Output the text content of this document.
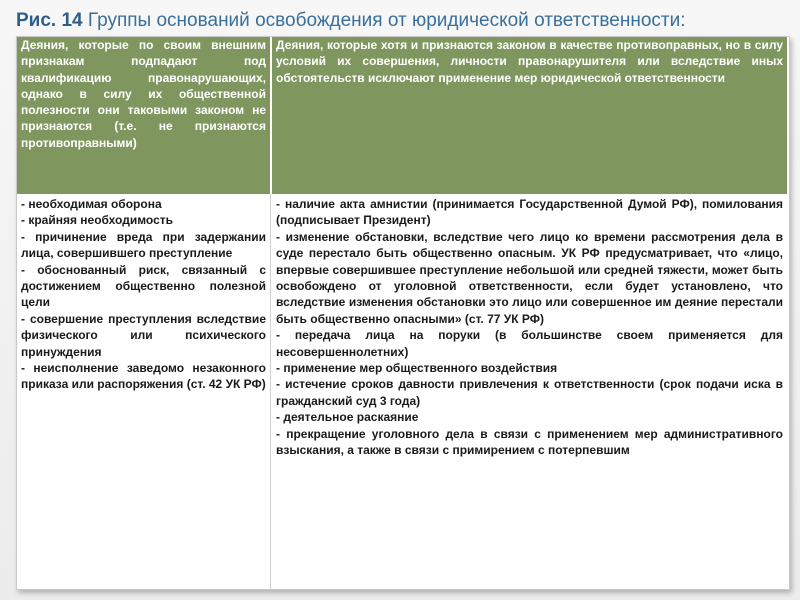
Рис. 14 Группы оснований освобождения от юридической ответственности:

Деяния, которые по своим внешним признакам подпадают под квалификацию правонарушающих, однако в силу их общественной полезности они таковыми законом не признаются (т.е. не признаются противоправными)

Деяния, которые хотя и признаются законом в качестве противоправных, но в силу условий их совершения, личности правонарушителя или вследствие иных обстоятельств исключают применение мер юридической ответственности

- необходимая оборона

- крайняя необходимость

- причинение вреда при задержании лица, совершившего преступление

- обоснованный риск, связанный с достижением общественно полезной цели

- совершение преступления вследствие физического или психического принуждения

- неисполнение заведомо незаконного приказа или распоряжения (ст. 42 УК РФ)

- наличие акта амнистии (принимается Государственной Думой РФ), помилования (подписывает Президент)

- изменение обстановки, вследствие чего лицо ко времени рассмотрения дела в суде перестало быть общественно опасным. УК РФ предусматривает, что «лицо, впервые совершившее преступление небольшой или средней тяжести, может быть освобождено от уголовной ответственности, если будет установлено, что вследствие изменения обстановки это лицо или совершенное им деяние перестали быть общественно опасными» (ст. 77 УК РФ)

- передача лица на поруки (в большинстве своем применяется для несовершеннолетних)

- применение мер общественного воздействия

- истечение сроков давности привлечения к ответственности (срок подачи иска в гражданский суд 3 года)

- деятельное раскаяние

- прекращение уголовного дела в связи с применением мер административного взыскания, а также в связи с примирением с потерпевшим
